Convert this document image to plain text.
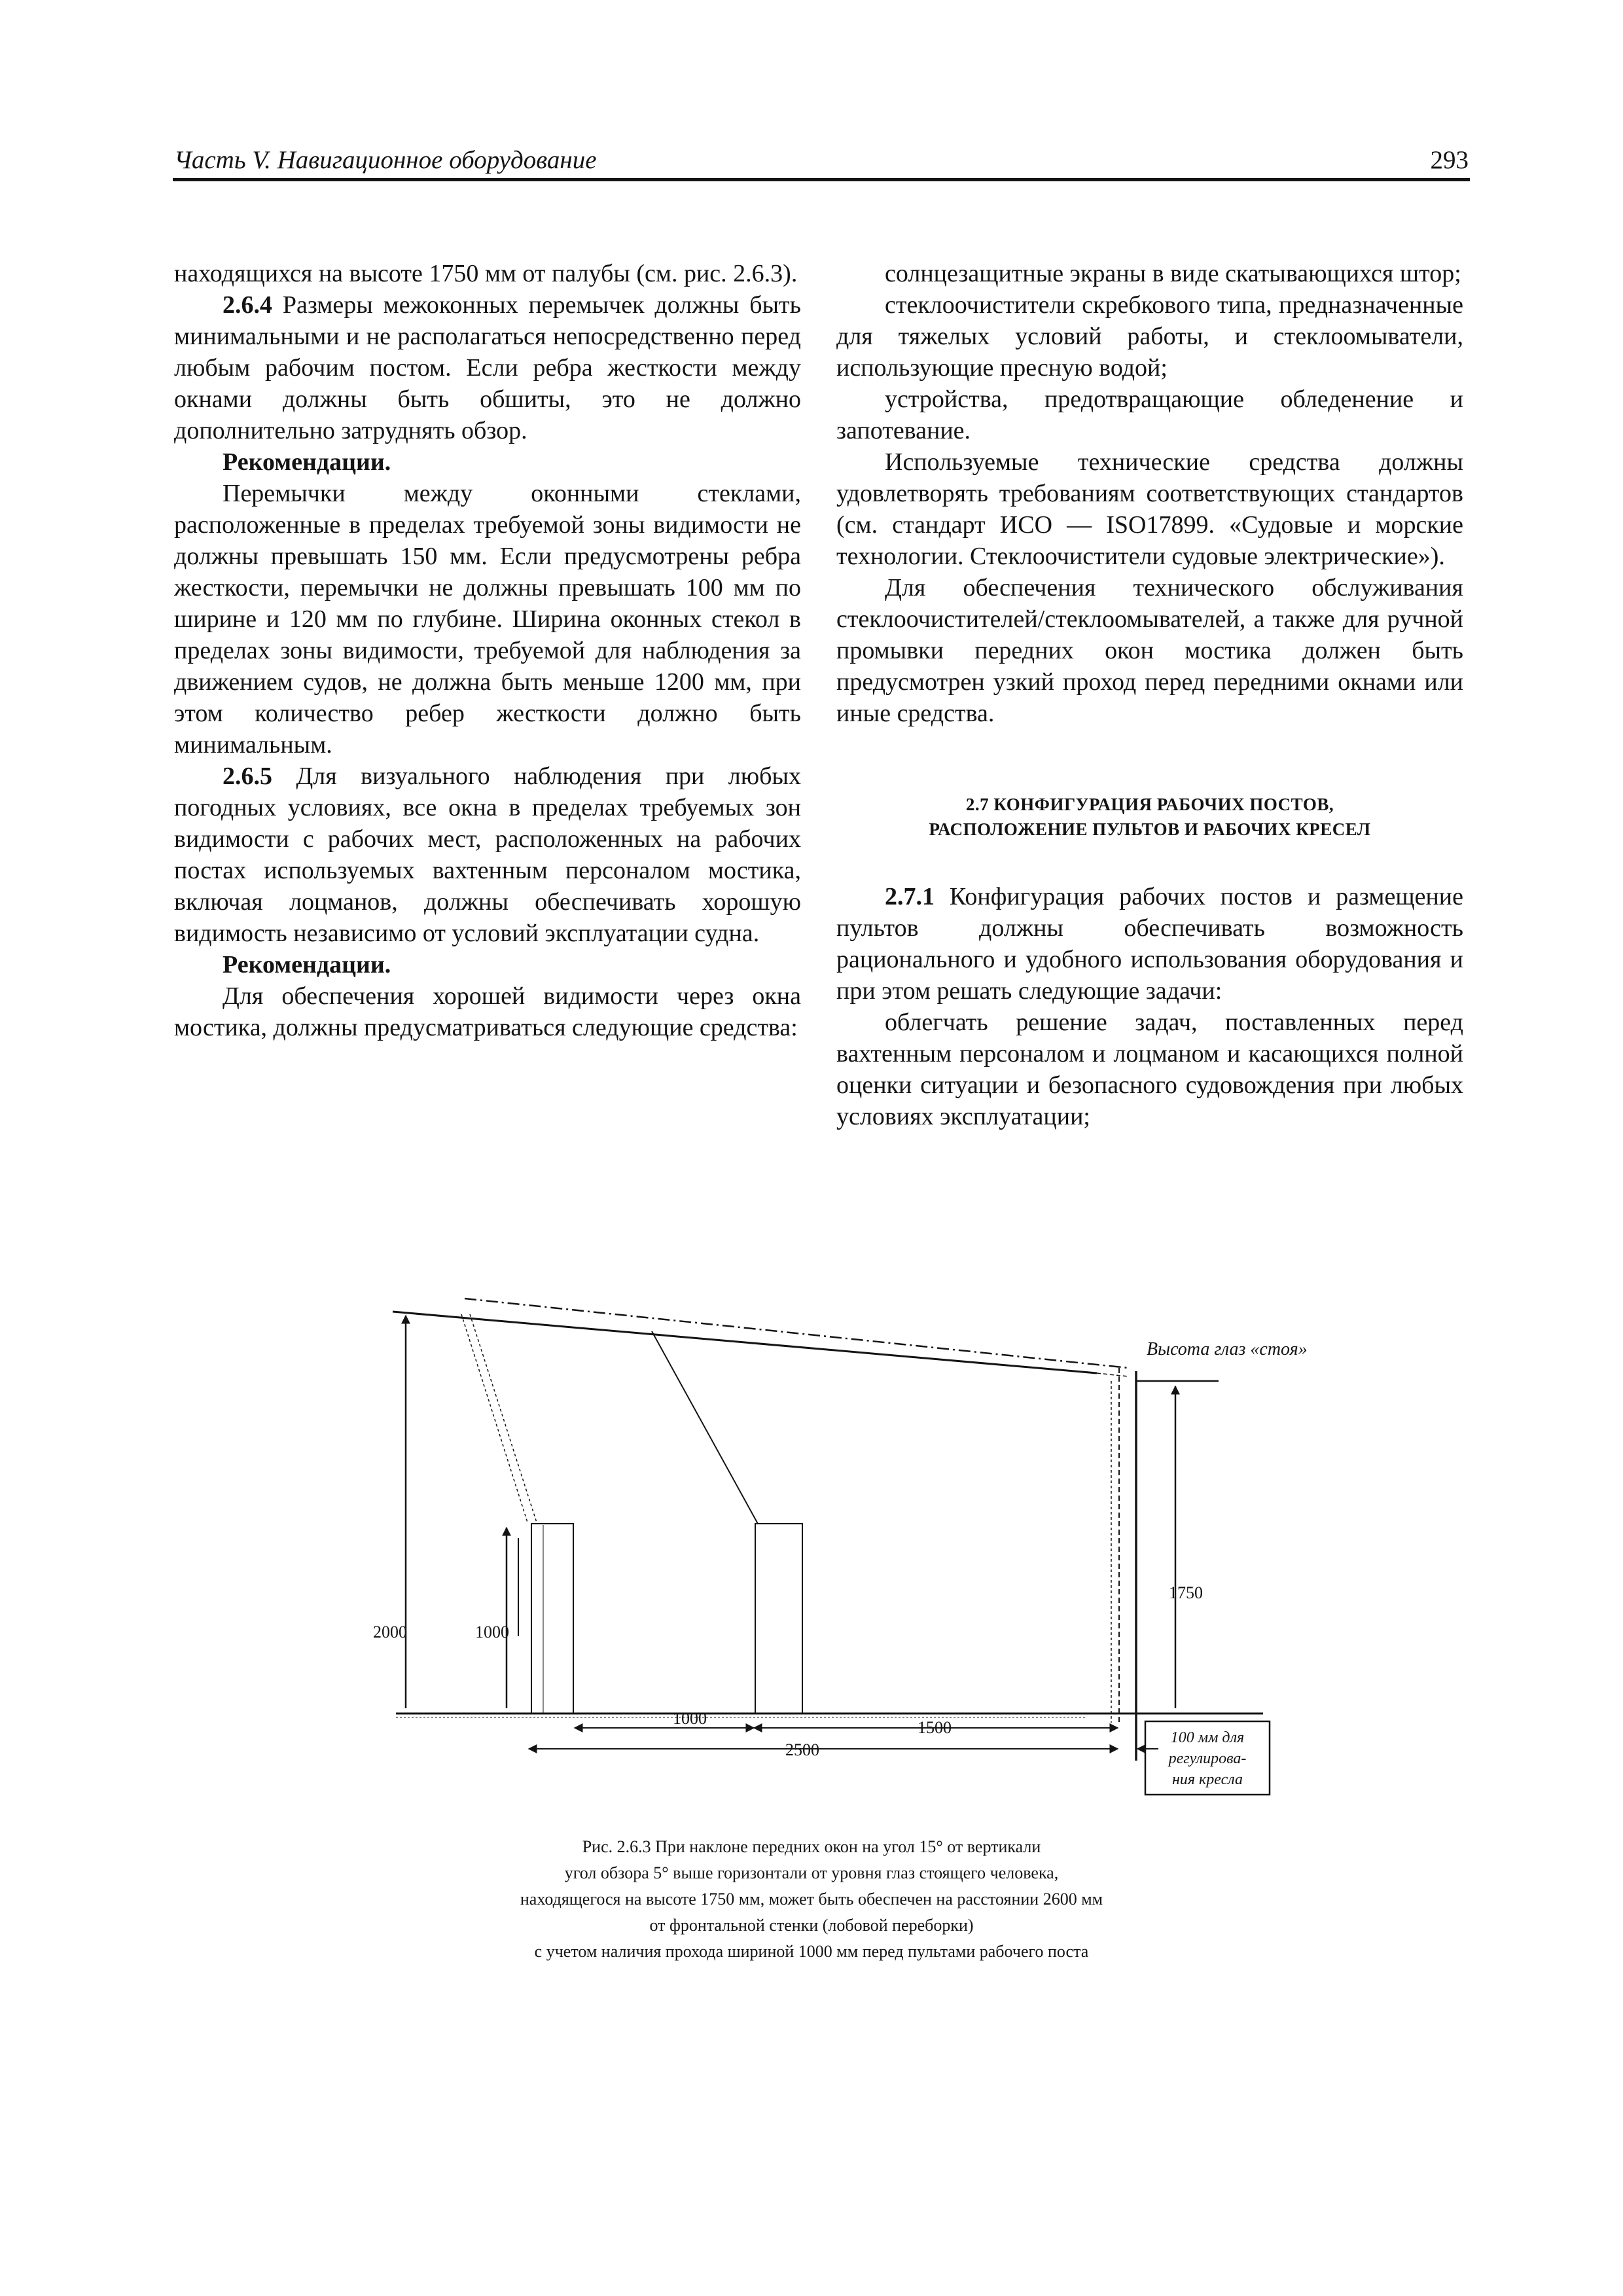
Часть V. Навигационное оборудование	293

находящихся на высоте 1750 мм от палубы (см. рис. 2.6.3).

2.6.4 Размеры межоконных перемычек должны быть минимальными и не располагаться непосредственно перед любым рабочим постом. Если ребра жесткости между окнами должны быть обшиты, это не должно дополнительно затруднять обзор.

Рекомендации.

Перемычки между оконными стеклами, расположенные в пределах требуемой зоны видимости не должны превышать 150 мм. Если предусмотрены ребра жесткости, перемычки не должны превышать 100 мм по ширине и 120 мм по глубине. Ширина оконных стекол в пределах зоны видимости, требуемой для наблюдения за движением судов, не должна быть меньше 1200 мм, при этом количество ребер жесткости должно быть минимальным.

2.6.5 Для визуального наблюдения при любых погодных условиях, все окна в пределах требуемых зон видимости с рабочих мест, расположенных на рабочих постах используемых вахтенным персоналом мостика, включая лоцманов, должны обеспечивать хорошую видимость независимо от условий эксплуатации судна.

Рекомендации.

Для обеспечения хорошей видимости через окна мостика, должны предусматриваться следующие средства:

солнцезащитные экраны в виде скатывающихся штор;

стеклоочистители скребкового типа, предназначенные для тяжелых условий работы, и стеклоомыватели, использующие пресную водой;

устройства, предотвращающие обледенение и запотевание.

Используемые технические средства должны удовлетворять требованиям соответствующих стандартов (см. стандарт ИСО — ISO17899. «Судовые и морские технологии. Стеклоочистители судовые электрические»).

Для обеспечения технического обслуживания стеклоочистителей/стеклоомывателей, а также для ручной промывки передних окон мостика должен быть предусмотрен узкий проход перед передними окнами или иные средства.

2.7 КОНФИГУРАЦИЯ РАБОЧИХ ПОСТОВ,
РАСПОЛОЖЕНИЕ ПУЛЬТОВ И РАБОЧИХ КРЕСЕЛ

2.7.1 Конфигурация рабочих постов и размещение пультов должны обеспечивать возможность рационального и удобного использования оборудования и при этом решать следующие задачи:

облегчать решение задач, поставленных перед вахтенным персоналом и лоцманом и касающихся полной оценки ситуации и безопасного судовождения при любых условиях эксплуатации;

Высота глаз «стоя»
1750
2000	1000
1000	1500
2500
100 мм для
регулирова-
ния кресла
Рис. 2.6.3 При наклоне передних окон на угол 15° от вертикали
угол обзора 5° выше горизонтали от уровня глаз стоящего человека,
находящегося на высоте 1750 мм, может быть обеспечен на расстоянии 2600 мм
от фронтальной стенки (лобовой переборки)
с учетом наличия прохода шириной 1000 мм перед пультами рабочего поста
